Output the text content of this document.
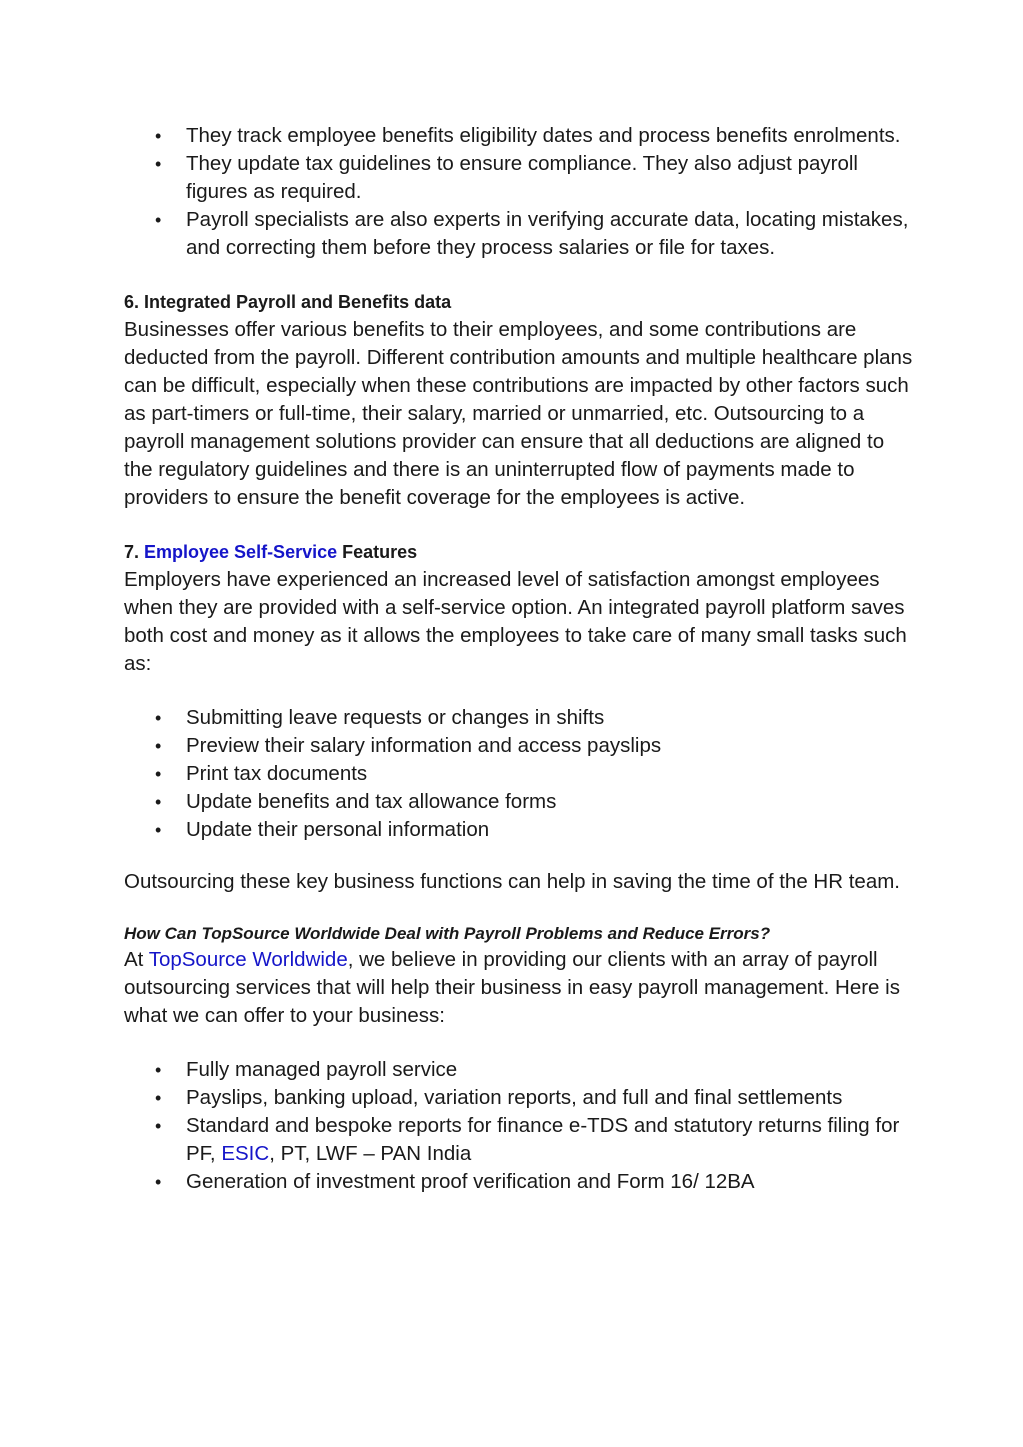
• They track employee benefits eligibility dates and process benefits enrolments.
• They update tax guidelines to ensure compliance. They also adjust payroll figures as required.
• Payroll specialists are also experts in verifying accurate data, locating mistakes, and correcting them before they process salaries or file for taxes.

6. Integrated Payroll and Benefits data

Businesses offer various benefits to their employees, and some contributions are deducted from the payroll. Different contribution amounts and multiple healthcare plans can be difficult, especially when these contributions are impacted by other factors such as part-timers or full-time, their salary, married or unmarried, etc. Outsourcing to a payroll management solutions provider can ensure that all deductions are aligned to the regulatory guidelines and there is an uninterrupted flow of payments made to providers to ensure the benefit coverage for the employees is active.

7. Employee Self-Service Features

Employers have experienced an increased level of satisfaction amongst employees when they are provided with a self-service option. An integrated payroll platform saves both cost and money as it allows the employees to take care of many small tasks such as:

• Submitting leave requests or changes in shifts
• Preview their salary information and access payslips
• Print tax documents
• Update benefits and tax allowance forms
• Update their personal information

Outsourcing these key business functions can help in saving the time of the HR team.

How Can TopSource Worldwide Deal with Payroll Problems and Reduce Errors?

At TopSource Worldwide, we believe in providing our clients with an array of payroll outsourcing services that will help their business in easy payroll management. Here is what we can offer to your business:

• Fully managed payroll service
• Payslips, banking upload, variation reports, and full and final settlements
• Standard and bespoke reports for finance e-TDS and statutory returns filing for PF, ESIC, PT, LWF – PAN India
• Generation of investment proof verification and Form 16/ 12BA
